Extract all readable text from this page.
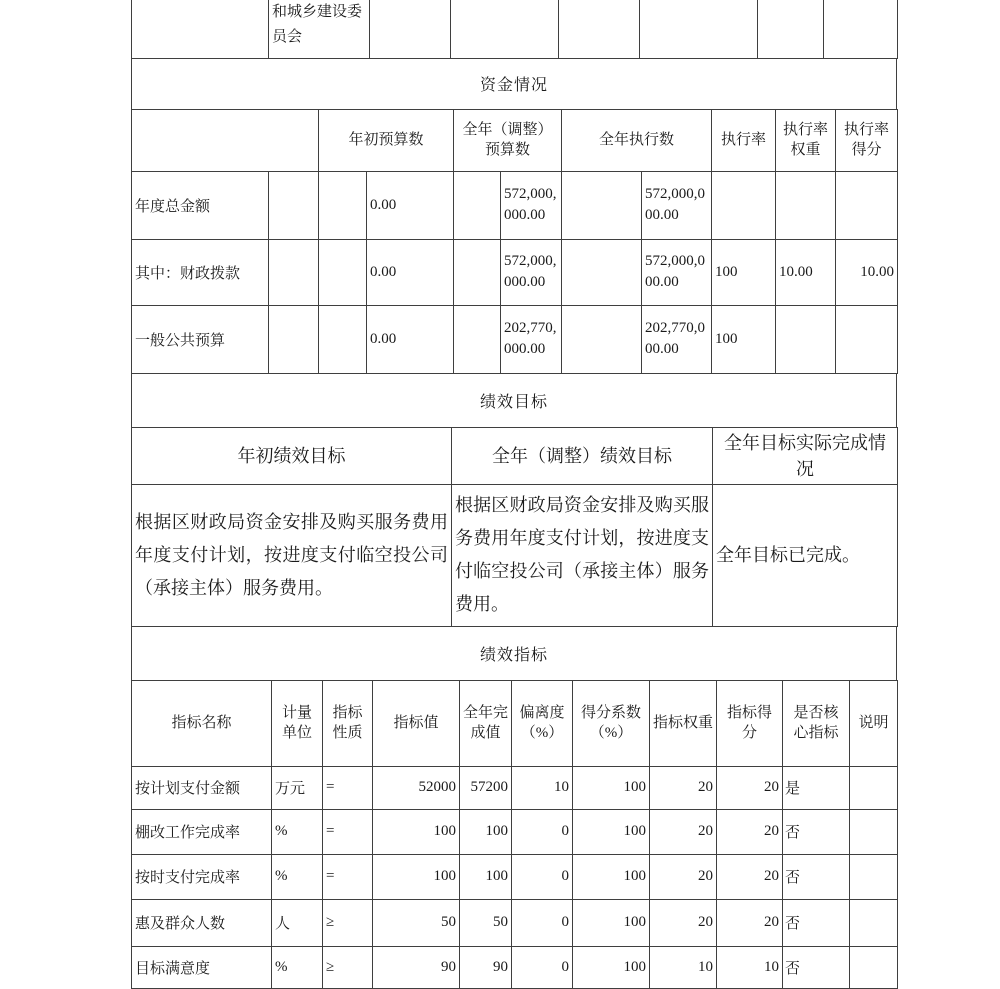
	和城乡建设委员会						
资金情况
		年初预算数		全年（调整）预算数		全年执行数		执行率	执行率权重	执行率得分
年度总金额			0.00		572,000,000.00		572,000,000.00			
其中：财政拨款			0.00		572,000,000.00		572,000,000.00	100	10.00	10.00
一般公共预算			0.00		202,770,000.00		202,770,000.00	100		
绩效目标
年初绩效目标	全年（调整）绩效目标	全年目标实际完成情况
根据区财政局资金安排及购买服务费用年度支付计划，按进度支付临空投公司（承接主体）服务费用。	根据区财政局资金安排及购买服务费用年度支付计划，按进度支付临空投公司（承接主体）服务费用。	全年目标已完成。
绩效指标
指标名称	计量单位	指标性质	指标值	全年完成值	偏离度（%）	得分系数（%）	指标权重	指标得分	是否核心指标	说明
按计划支付金额	万元	=	52000	57200	10	100	20	20	是	
棚改工作完成率	%	=	100	100	0	100	20	20	否	
按时支付完成率	%	=	100	100	0	100	20	20	否	
惠及群众人数	人	≥	50	50	0	100	20	20	否	
目标满意度	%	≥	90	90	0	100	10	10	否	
